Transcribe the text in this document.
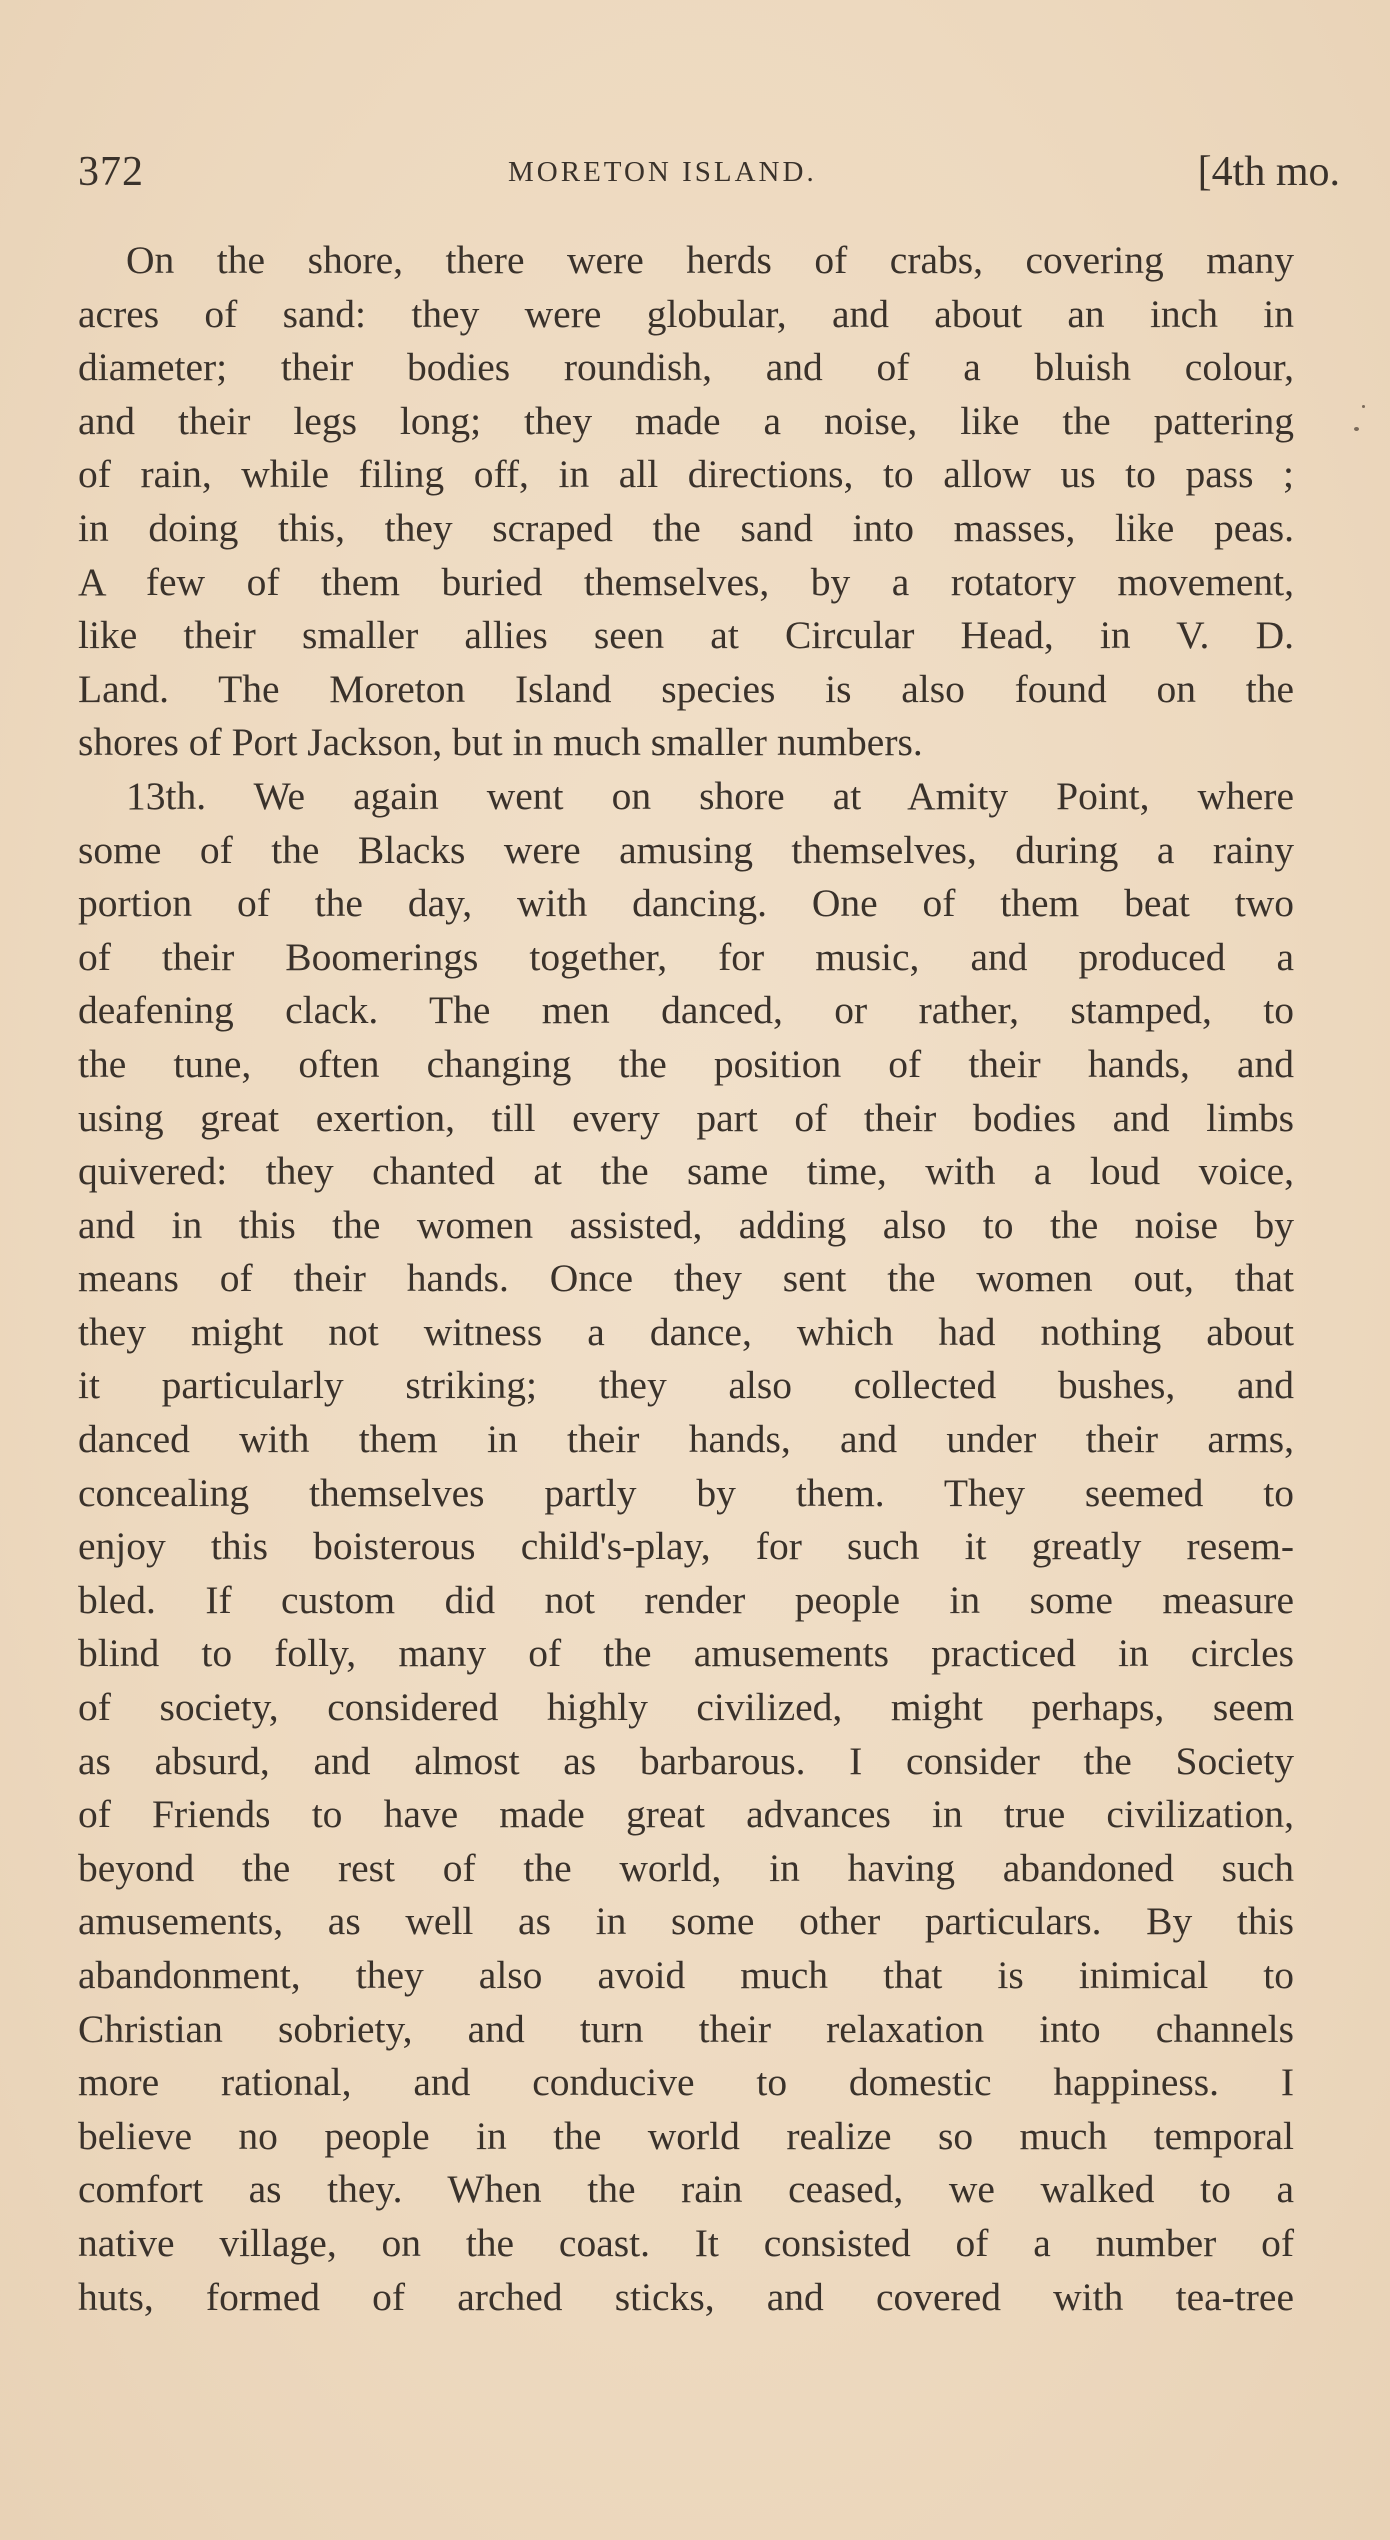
372	MORETON ISLAND.	[4th mo.
On the shore, there were herds of crabs, covering many
acres of sand: they were globular, and about an inch in
diameter; their bodies roundish, and of a bluish colour,
and their legs long; they made a noise, like the pattering
of rain, while filing off, in all directions, to allow us to pass ;
in doing this, they scraped the sand into masses, like peas.
A few of them buried themselves, by a rotatory movement,
like their smaller allies seen at Circular Head, in V. D.
Land. The Moreton Island species is also found on the
shores of Port Jackson, but in much smaller numbers.
13th. We again went on shore at Amity Point, where
some of the Blacks were amusing themselves, during a rainy
portion of the day, with dancing. One of them beat two
of their Boomerings together, for music, and produced a
deafening clack. The men danced, or rather, stamped, to
the tune, often changing the position of their hands, and
using great exertion, till every part of their bodies and limbs
quivered: they chanted at the same time, with a loud voice,
and in this the women assisted, adding also to the noise by
means of their hands. Once they sent the women out, that
they might not witness a dance, which had nothing about
it particularly striking; they also collected bushes, and
danced with them in their hands, and under their arms,
concealing themselves partly by them. They seemed to
enjoy this boisterous child's-play, for such it greatly resem-
bled. If custom did not render people in some measure
blind to folly, many of the amusements practiced in circles
of society, considered highly civilized, might perhaps, seem
as absurd, and almost as barbarous. I consider the Society
of Friends to have made great advances in true civilization,
beyond the rest of the world, in having abandoned such
amusements, as well as in some other particulars. By this
abandonment, they also avoid much that is inimical to
Christian sobriety, and turn their relaxation into channels
more rational, and conducive to domestic happiness. I
believe no people in the world realize so much temporal
comfort as they. When the rain ceased, we walked to a
native village, on the coast. It consisted of a number of
huts, formed of arched sticks, and covered with tea-tree
